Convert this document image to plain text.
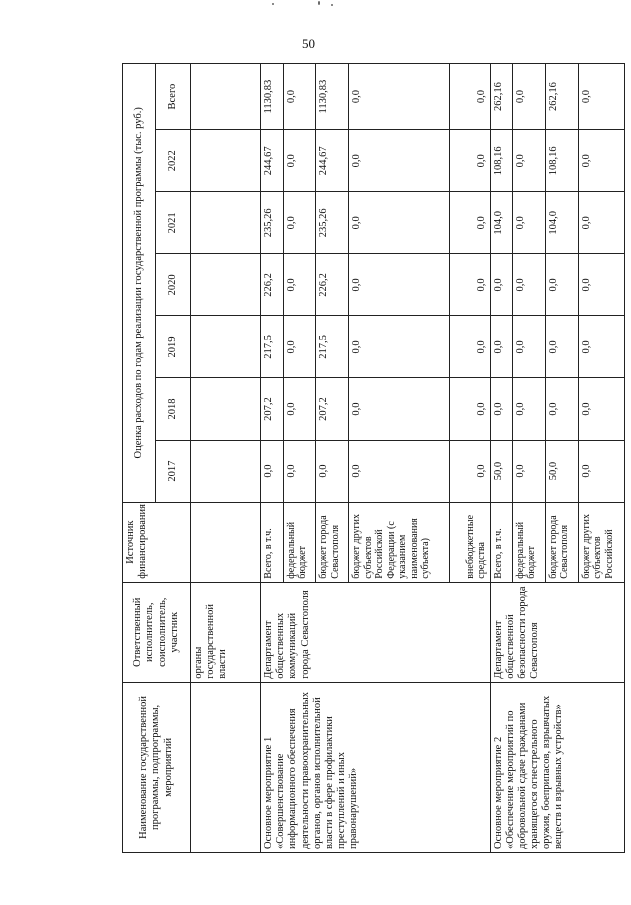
50
Наименование государственной программы, подпрограммы, мероприятий	Ответственный исполнитель, соисполнитель, участник	Источник финансирования	Оценка расходов по годам реализации государственной программы (тыс. руб.)						
			2017	2018	2019	2020	2021	2022	Всего
	органы государственной власти								
Основное мероприятие 1 «Совершенствование информационного обеспечения деятельности правоохранительных органов, органов исполнительной власти в сфере профилактики преступлений и иных правонарушений»	Департамент общественных коммуникаций города Севастополя	Всего, в т.ч.	0,0	207,2	217,5	226,2	235,26	244,67	1130,83
		федеральный бюджет	0,0	0,0	0,0	0,0	0,0	0,0	0,0
		бюджет города Севастополя	0,0	207,2	217,5	226,2	235,26	244,67	1130,83
		бюджет других субъектов Российской Федерации (с указанием наименования субъекта)	0,0	0,0	0,0	0,0	0,0	0,0	0,0
		внебюджетные средства	0,0	0,0	0,0	0,0	0,0	0,0	0,0
Основное мероприятие 2 «Обеспечение мероприятий по добровольной сдаче гражданами хранящегося огнестрельного оружия, боеприпасов, взрывчатых веществ и взрывных устройств»	Департамент общественной безопасности города Севастополя	Всего, в т.ч.	50,0	0,0	0,0	0,0	104,0	108,16	262,16
		федеральный бюджет	0,0	0,0	0,0	0,0	0,0	0,0	0,0
		бюджет города Севастополя	50,0	0,0	0,0	0,0	104,0	108,16	262,16
		бюджет других субъектов Российской	0,0	0,0	0,0	0,0	0,0	0,0	0,0
